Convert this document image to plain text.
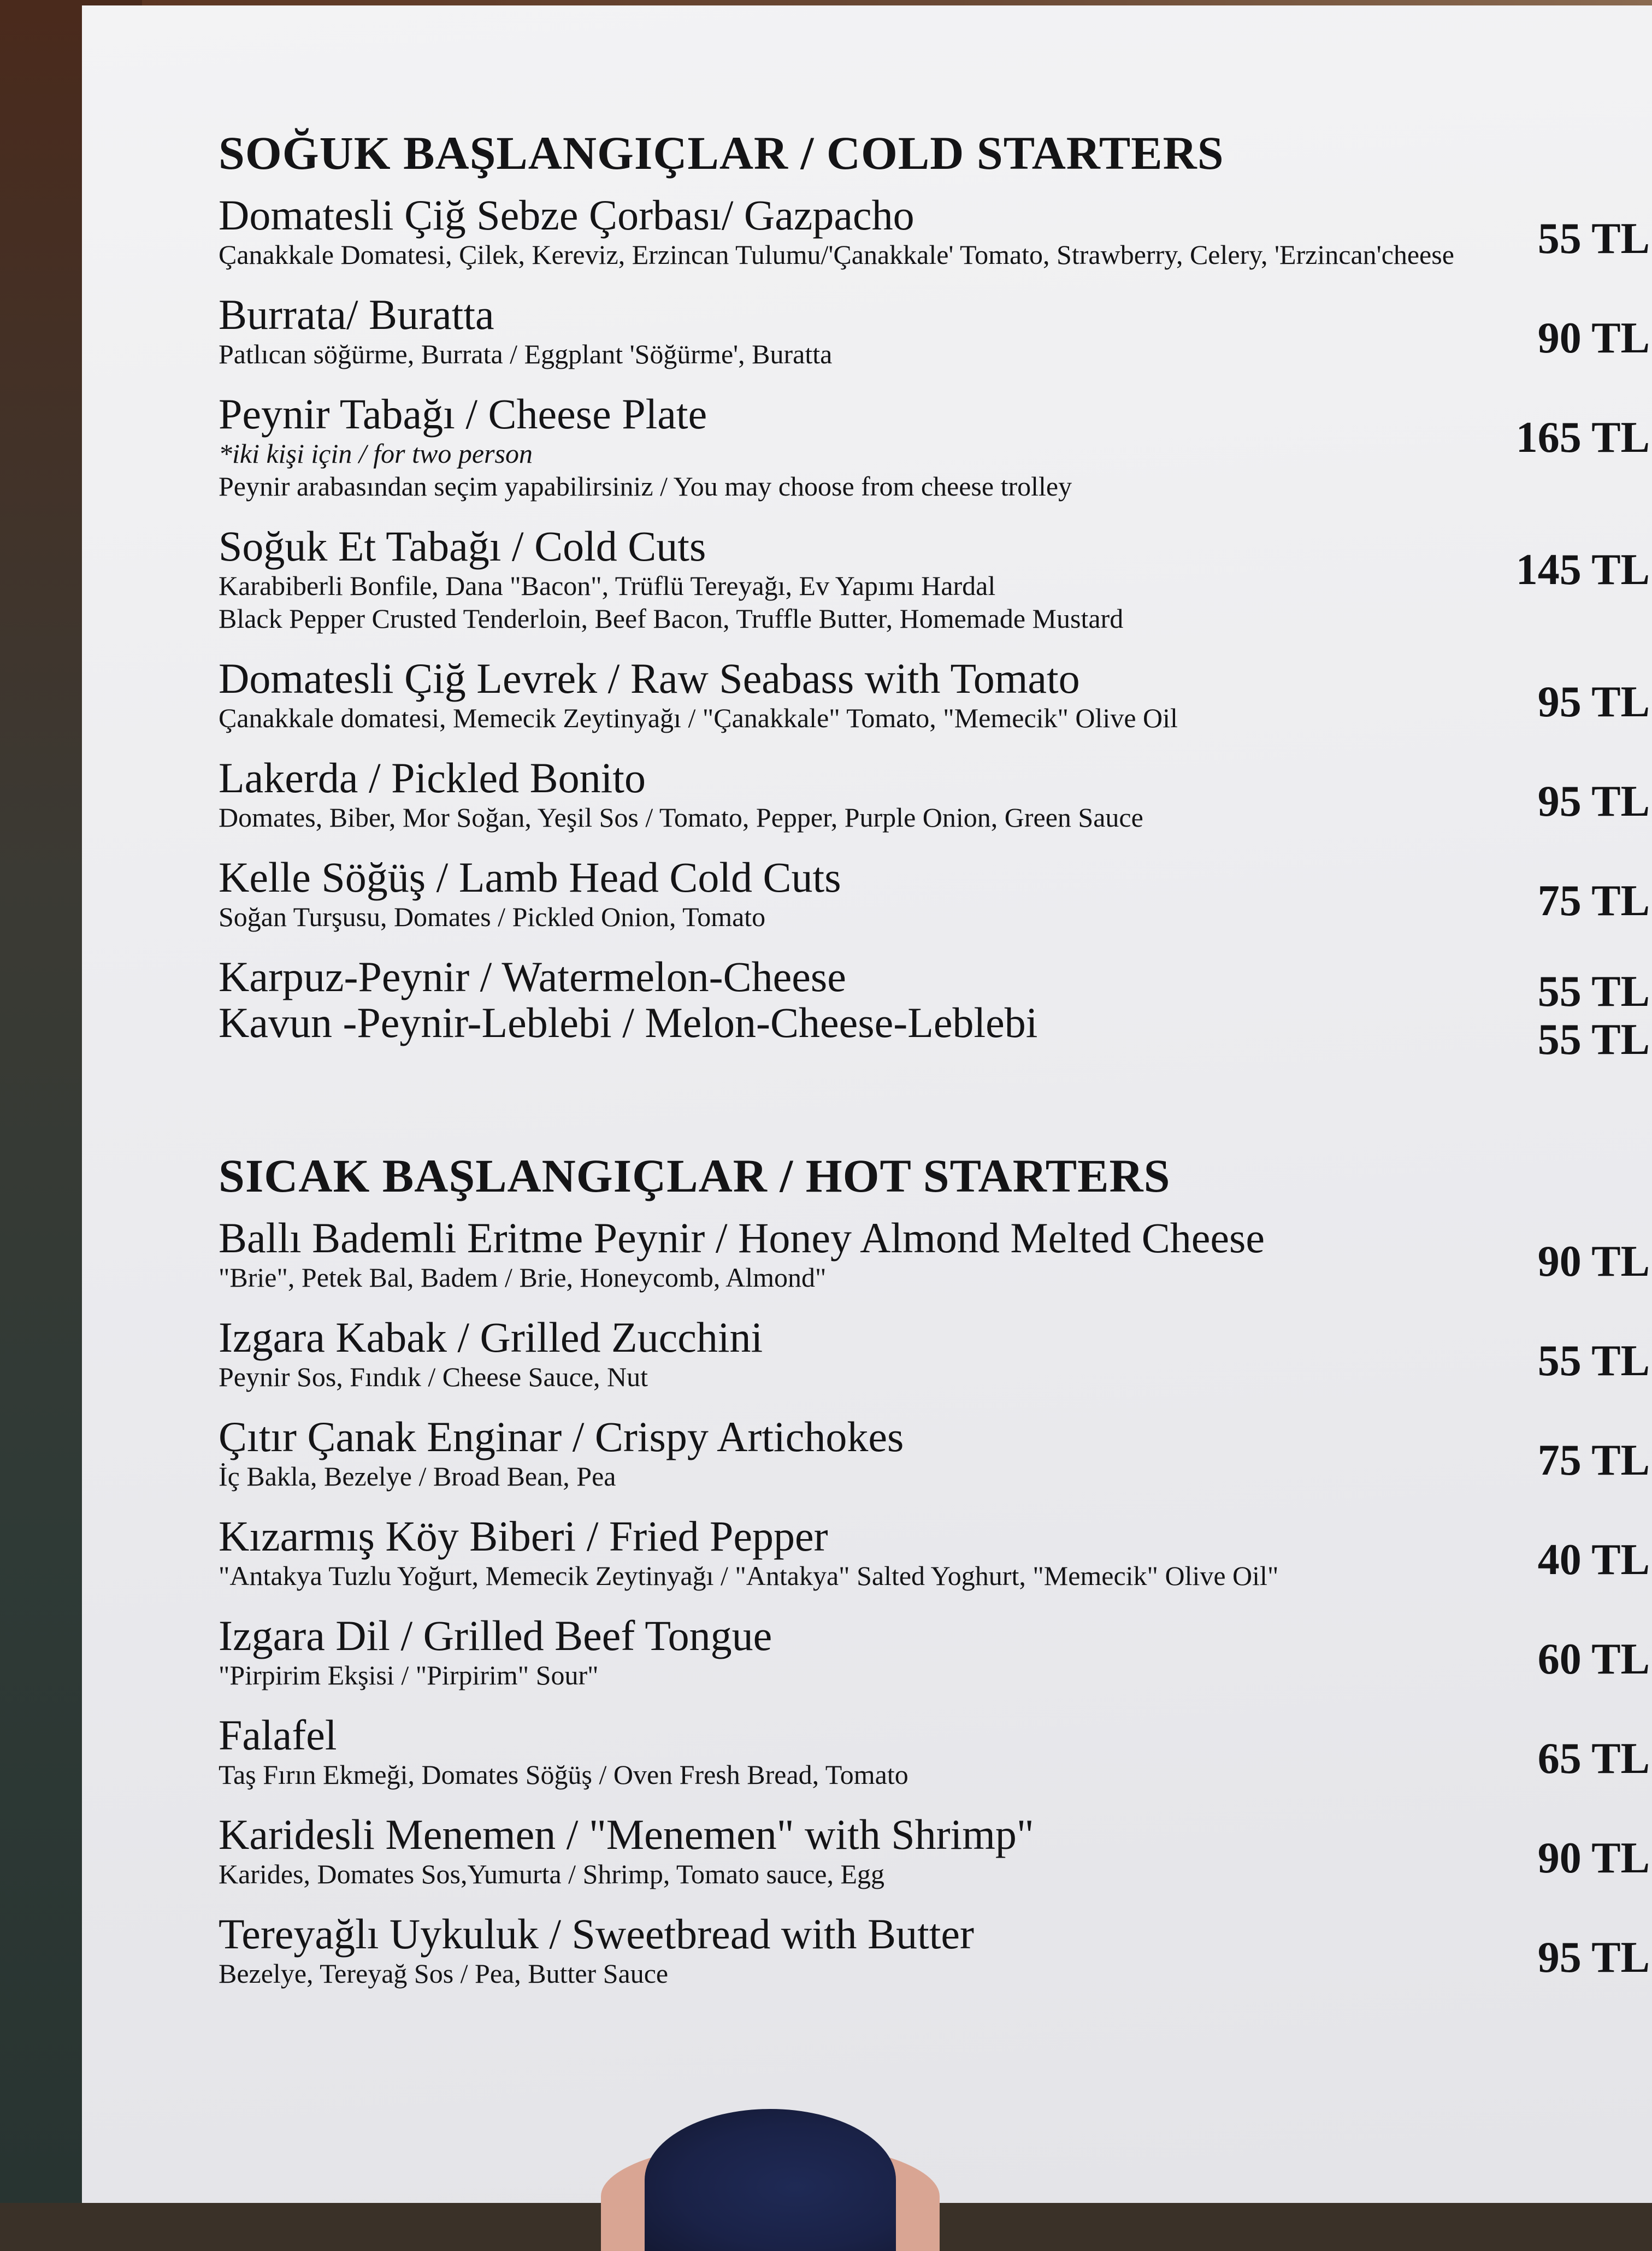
SOĞUK BAŞLANGIÇLAR / COLD STARTERS
Domatesli Çiğ Sebze Çorbası/ Gazpacho
Çanakkale Domatesi, Çilek, Kereviz, Erzincan Tulumu/'Çanakkale' Tomato, Strawberry, Celery, 'Erzincan'cheese	55 TL
Burrata/ Buratta
Patlıcan söğürme, Burrata / Eggplant 'Söğürme', Buratta	90 TL
Peynir Tabağı / Cheese Plate
*iki kişi için / for two person
Peynir arabasından seçim yapabilirsiniz / You may choose from cheese trolley
165 TL
Soğuk Et Tabağı / Cold Cuts
Karabiberli Bonfile, Dana "Bacon", Trüflü Tereyağı, Ev Yapımı Hardal
Black Pepper Crusted Tenderloin, Beef Bacon, Truffle Butter, Homemade Mustard
145 TL
Domatesli Çiğ Levrek / Raw Seabass with Tomato
Çanakkale domatesi, Memecik Zeytinyağı / "Çanakkale" Tomato, "Memecik" Olive Oil	95 TL
Lakerda / Pickled Bonito
Domates, Biber, Mor Soğan, Yeşil Sos / Tomato, Pepper, Purple Onion, Green Sauce	95 TL
Kelle Söğüş / Lamb Head Cold Cuts
Soğan Turşusu, Domates / Pickled Onion, Tomato	75 TL
Karpuz-Peynir / Watermelon-Cheese
Kavun -Peynir-Leblebi / Melon-Cheese-Leblebi
55 TL
55 TL
SICAK BAŞLANGIÇLAR / HOT STARTERS
Ballı Bademli Eritme Peynir / Honey Almond Melted Cheese
"Brie", Petek Bal, Badem / Brie, Honeycomb, Almond"	90 TL
Izgara Kabak / Grilled Zucchini
Peynir Sos, Fındık / Cheese Sauce, Nut	55 TL
Çıtır Çanak Enginar / Crispy Artichokes
İç Bakla, Bezelye / Broad Bean, Pea	75 TL
Kızarmış Köy Biberi / Fried Pepper
"Antakya Tuzlu Yoğurt, Memecik Zeytinyağı / "Antakya" Salted Yoghurt, "Memecik" Olive Oil"	40 TL
Izgara Dil / Grilled Beef Tongue
"Pirpirim Ekşisi / "Pirpirim" Sour"	60 TL
Falafel
Taş Fırın Ekmeği, Domates Söğüş / Oven Fresh Bread, Tomato	65 TL
Karidesli Menemen / "Menemen" with Shrimp"
Karides, Domates Sos,Yumurta / Shrimp, Tomato sauce, Egg	90 TL
Tereyağlı Uykuluk / Sweetbread with Butter
Bezelye, Tereyağ Sos / Pea, Butter Sauce	95 TL
